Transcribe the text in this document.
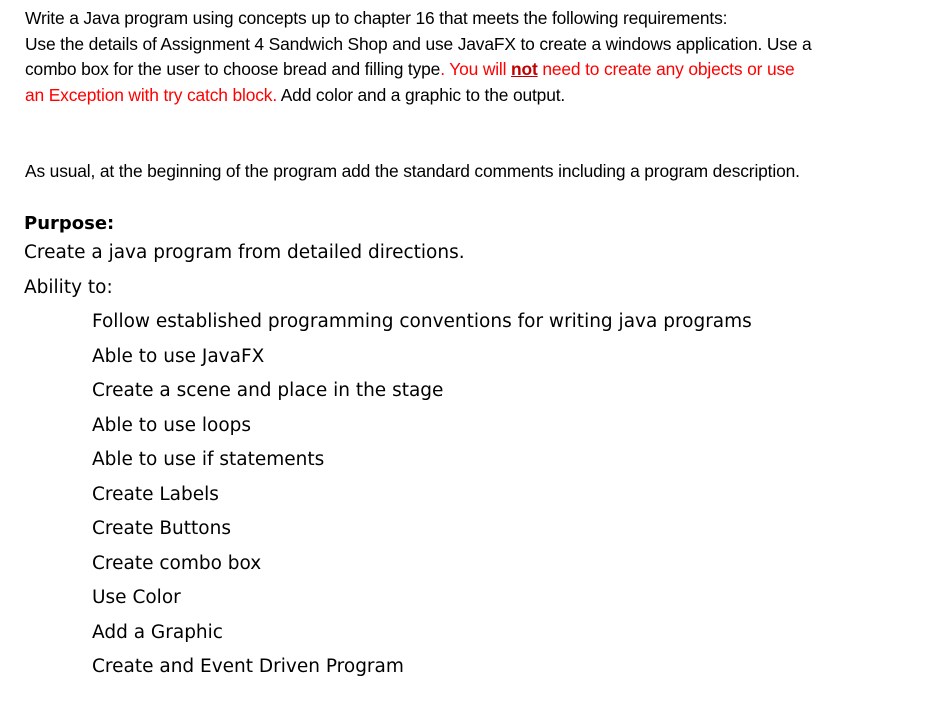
Write a Java program using concepts up to chapter 16 that meets the following requirements:
Use the details of Assignment 4 Sandwich Shop and use JavaFX to create a windows application. Use a
combo box for the user to choose bread and filling type. You will not need to create any objects or use
an Exception with try catch block. Add color and a graphic to the output.
As usual, at the beginning of the program add the standard comments including a program description.
Purpose:
Create a java program from detailed directions.
Ability to:
Follow established programming conventions for writing java programs
Able to use JavaFX
Create a scene and place in the stage
Able to use loops
Able to use if statements
Create Labels
Create Buttons
Create combo box
Use Color
Add a Graphic
Create and Event Driven Program
